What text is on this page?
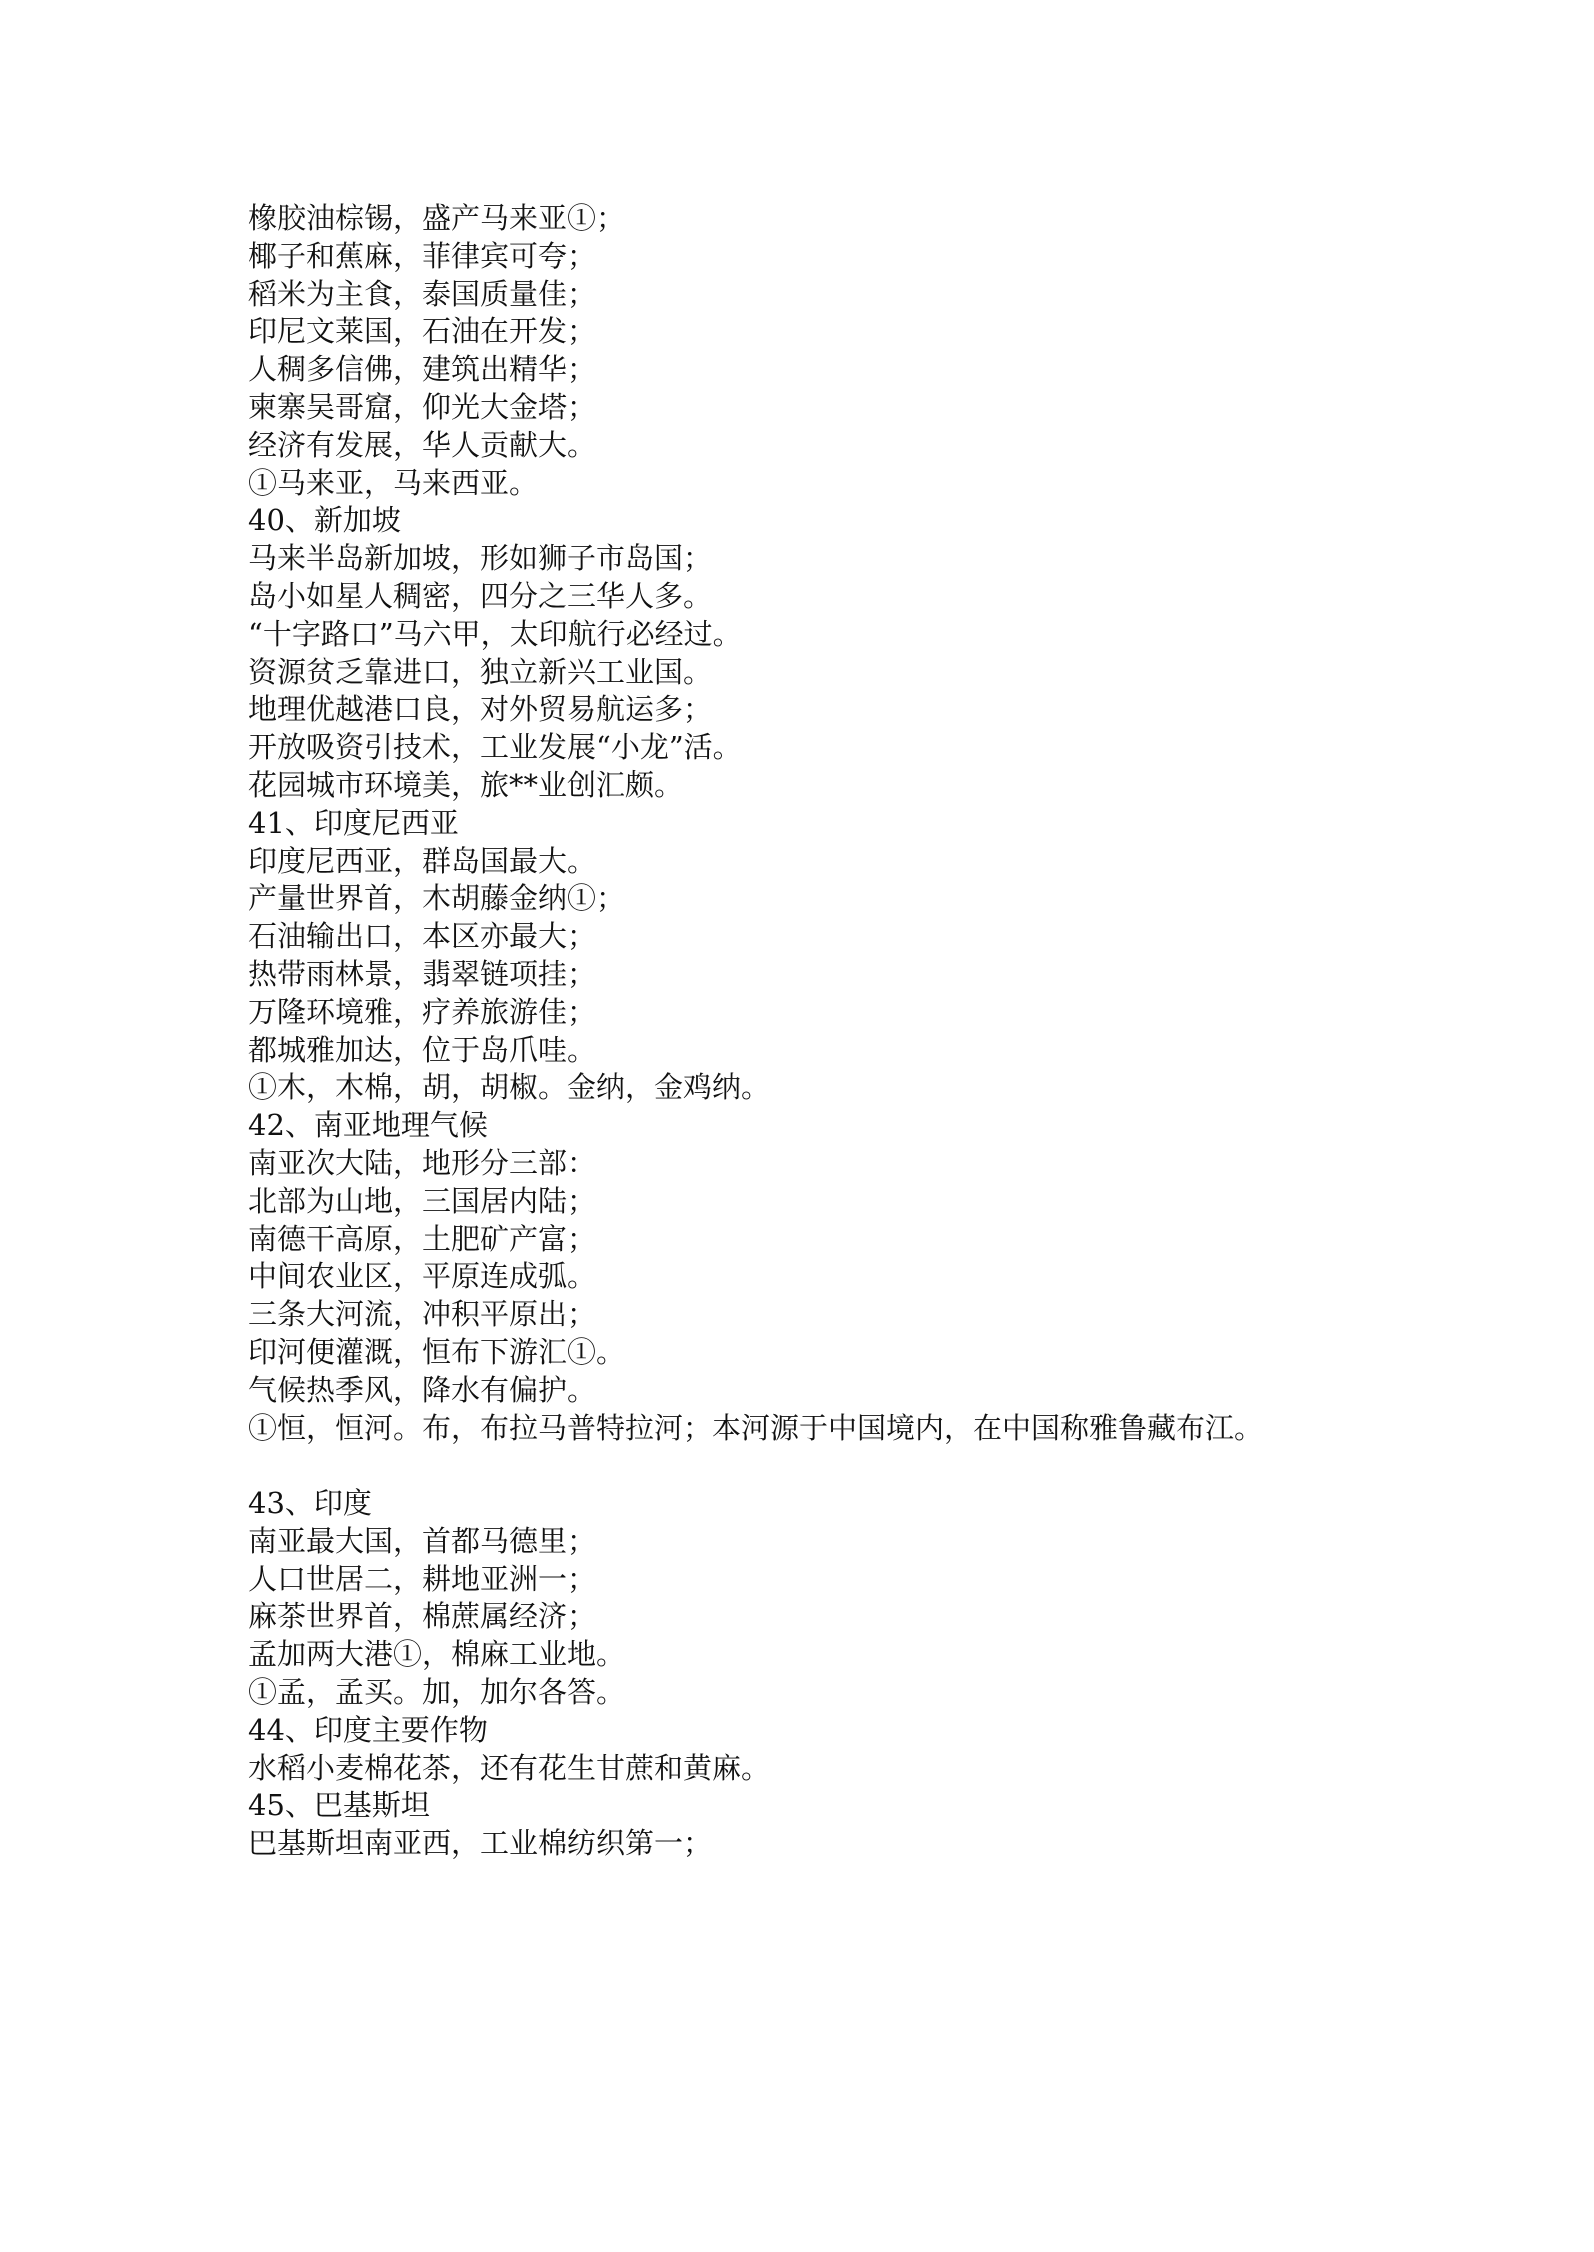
橡胶油棕锡，盛产马来亚①；
椰子和蕉麻，菲律宾可夸；
稻米为主食，泰国质量佳；
印尼文莱国，石油在开发；
人稠多信佛，建筑出精华；
柬寨吴哥窟，仰光大金塔；
经济有发展，华人贡献大。
①马来亚，马来西亚。
40、新加坡
马来半岛新加坡，形如狮子市岛国；
岛小如星人稠密，四分之三华人多。
“十字路口”马六甲，太印航行必经过。
资源贫乏靠进口，独立新兴工业国。
地理优越港口良，对外贸易航运多；
开放吸资引技术，工业发展“小龙”活。
花园城市环境美，旅**业创汇颇。
41、印度尼西亚
印度尼西亚，群岛国最大。
产量世界首，木胡藤金纳①；
石油输出口，本区亦最大；
热带雨林景，翡翠链项挂；
万隆环境雅，疗养旅游佳；
都城雅加达，位于岛爪哇。
①木，木棉，胡，胡椒。金纳，金鸡纳。
42、南亚地理气候
南亚次大陆，地形分三部：
北部为山地，三国居内陆；
南德干高原，土肥矿产富；
中间农业区，平原连成弧。
三条大河流，冲积平原出；
印河便灌溉，恒布下游汇①。
气候热季风，降水有偏护。
①恒，恒河。布，布拉马普特拉河；本河源于中国境内，在中国称雅鲁藏布江。
43、印度
南亚最大国，首都马德里；
人口世居二，耕地亚洲一；
麻茶世界首，棉蔗属经济；
孟加两大港①，棉麻工业地。
①孟，孟买。加，加尔各答。
44、印度主要作物
水稻小麦棉花茶，还有花生甘蔗和黄麻。
45、巴基斯坦
巴基斯坦南亚西，工业棉纺织第一；
